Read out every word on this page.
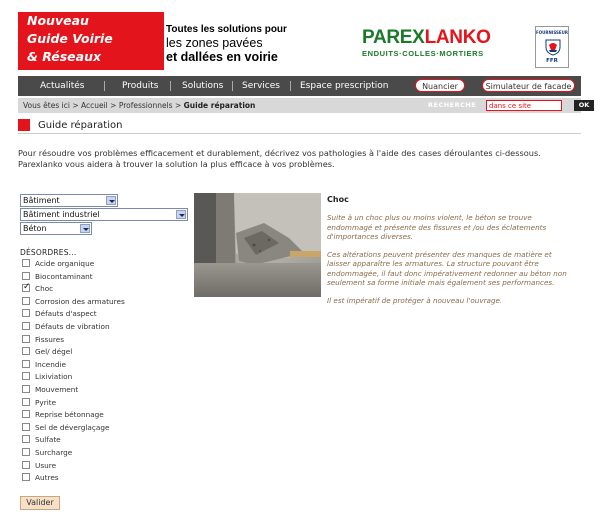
Nouveau
Guide Voirie
& Réseaux
Toutes les solutions pour
les zones pavées
et dallées en voirie
PAREXLANKO
ENDUITS·COLLES·MORTIERS
FOURNISSEUR
FFR
Actualités	Produits	Solutions Services Espace prescription	Nuancier	Simulateur de facade
Vous êtes ici > Accueil > Professionnels > Guide réparation	RECHERCHE
dans ce site	OK
Guide réparation
Pour résoudre vos problèmes efficacement et durablement, décrivez vos pathologies à l'aide des cases déroulantes ci-dessous. Parexlanko vous aidera à trouver la solution la plus efficace à vos problèmes.
Bâtiment
Bâtiment industriel
Béton
DÉSORDRES...
Acide organique
Biocontaminant
✓
Choc
Corrosion des armatures
Défauts d'aspect
Défauts de vibration
Fissures
Gel/ dégel
Incendie
Lixiviation
Mouvement
Pyrite
Reprise bétonnage
Sel de déverglaçage
Sulfate
Surcharge
Usure
Autres
Valider
Choc

Suite à un choc plus ou moins violent, le béton se trouve endommagé et présente des fissures et /ou des éclatements d'importances diverses.

Ces altérations peuvent présenter des manques de matière et laisser apparaître les armatures. La structure pouvant être endommagée, il faut donc impérativement redonner au béton non seulement sa forme initiale mais également ses performances.

Il est impératif de protéger à nouveau l'ouvrage.
